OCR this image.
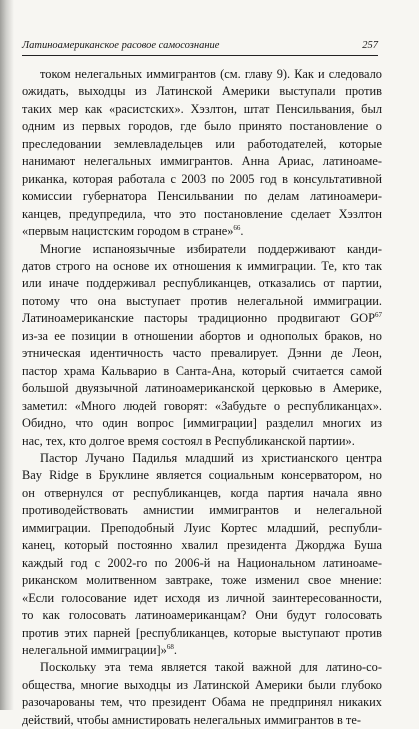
Латиноамериканское расовое самосознание	257
током нелегальных иммигрантов (см. главу 9). Как и следовало
ожидать, выходцы из Латинской Америки выступали против
таких мер как «расистских». Хэзлтон, штат Пенсильвания, был
одним из первых городов, где было принято постановление о
преследовании землевладельцев или работодателей, которые
нанимают нелегальных иммигрантов. Анна Ариас, латиноаме-
риканка, которая работала с 2003 по 2005 год в консультативной
комиссии губернатора Пенсильвании по делам латиноамери-
канцев, предупредила, что это постановление сделает Хэзлтон
«первым нацистским городом в стране»$^{66}$.
Многие испаноязычные избиратели поддерживают канди-
датов строго на основе их отношения к иммиграции. Те, кто так
или иначе поддерживал республиканцев, отказались от партии,
потому что она выступает против нелегальной иммиграции.
Латиноамериканские пасторы традиционно продвигают GOP$^{67}$
из-за ее позиции в отношении абортов и однополых браков, но
этническая идентичность часто превалирует. Дэнни де Леон,
пастор храма Кальварио в Санта-Ана, который считается самой
большой двуязычной латиноамериканской церковью в Америке,
заметил: «Много людей говорят: «Забудьте о республиканцах».
Обидно, что один вопрос [иммиграции] разделил многих из
нас, тех, кто долгое время состоял в Республиканской партии».
Пастор Лучано Падилья младший из христианского центра
Bay Ridge в Бруклине является социальным консерватором, но
он отвернулся от республиканцев, когда партия начала явно
противодействовать амнистии иммигрантов и нелегальной
иммиграции. Преподобный Луис Кортес младший, республи-
канец, который постоянно хвалил президента Джорджа Буша
каждый год с 2002-го по 2006-й на Национальном латиноаме-
риканском молитвенном завтраке, тоже изменил свое мнение:
«Если голосование идет исходя из личной заинтересованности,
то как голосовать латиноамериканцам? Они будут голосовать
против этих парней [республиканцев, которые выступают против
нелегальной иммиграции]»$^{68}$.
Поскольку эта тема является такой важной для латино-со-
общества, многие выходцы из Латинской Америки были глубоко
разочарованы тем, что президент Обама не предпринял никаких
действий, чтобы амнистировать нелегальных иммигрантов в те-
